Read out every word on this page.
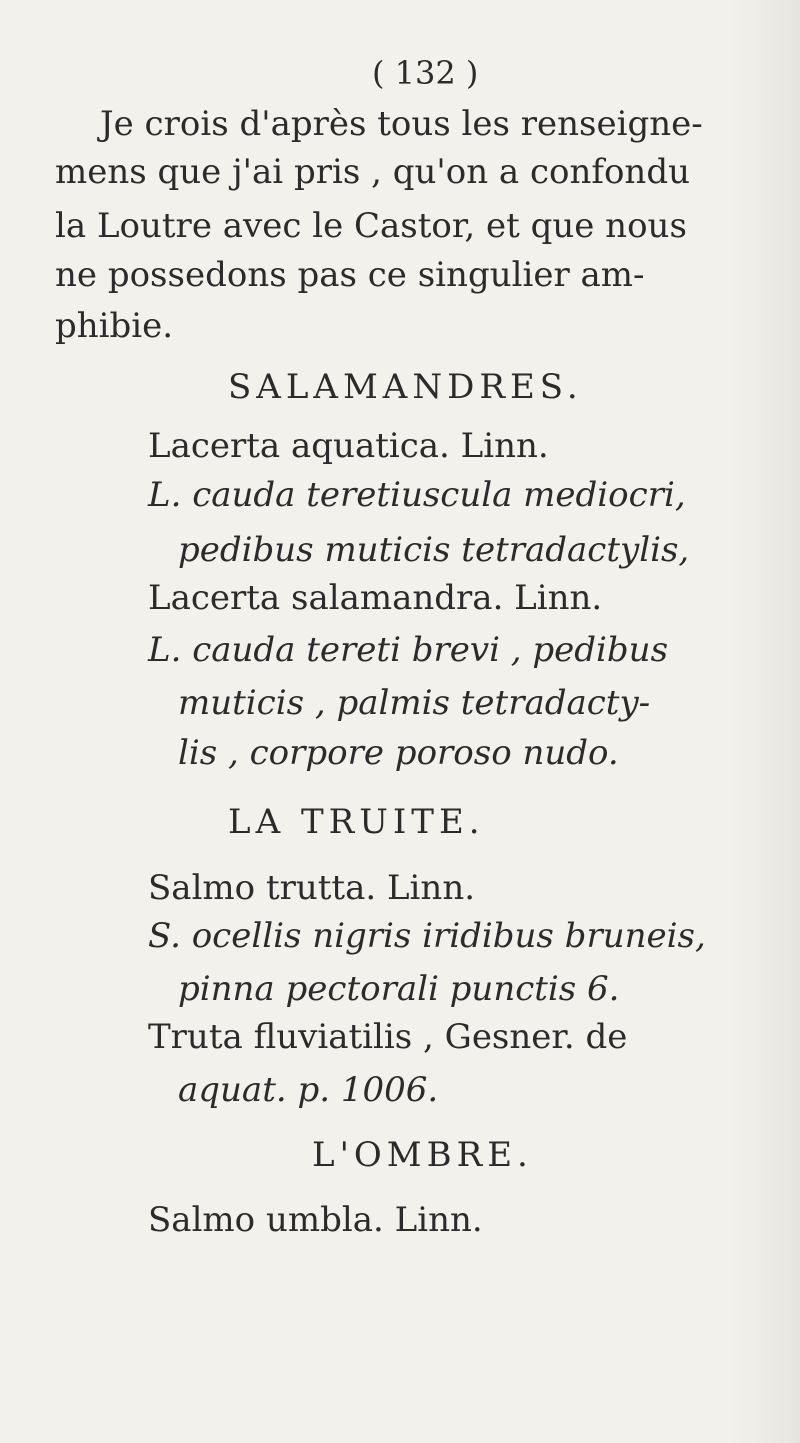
( 132 )
Je crois d'après tous les renseigne-
mens que j'ai pris , qu'on a confondu
la Loutre avec le Castor, et que nous
ne possedons pas ce singulier am-
phibie.
SALAMANDRES.
Lacerta aquatica. Linn.
L. cauda teretiuscula mediocri,
pedibus muticis tetradactylis,
Lacerta salamandra. Linn.
L. cauda tereti brevi , pedibus
muticis , palmis tetradacty-
lis , corpore poroso nudo.
LA TRUITE.
Salmo trutta. Linn.
S. ocellis nigris iridibus bruneis,
pinna pectorali punctis 6.
Truta fluviatilis , Gesner. de
aquat. p. 1006.
L'OMBRE.
Salmo umbla. Linn.
